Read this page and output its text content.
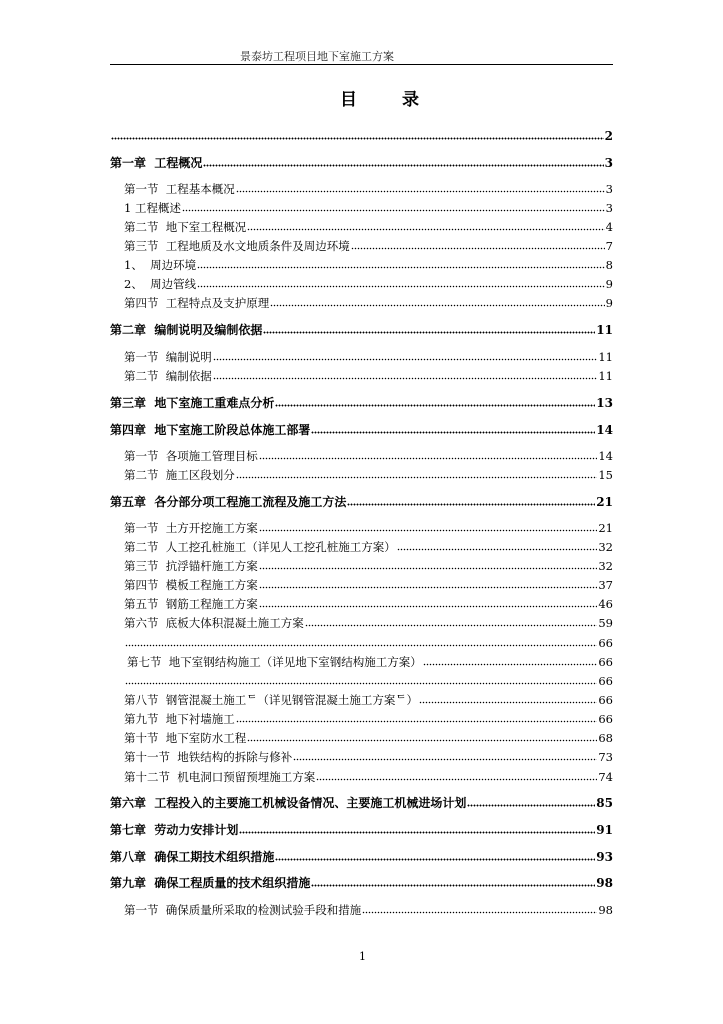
景泰坊工程项目地下室施工方案
目录
2
第一章  工程概况	3
第一节  工程基本概况	3
1 工程概述	3
第二节  地下室工程概况	4
第三节  工程地质及水文地质条件及周边环境	7
1、  周边环境	8
2、  周边管线	9
第四节  工程特点及支护原理	9
第二章  编制说明及编制依据	11
第一节  编制说明	11
第二节  编制依据	11
第三章  地下室施工重难点分析	13
第四章  地下室施工阶段总体施工部署	14
第一节  各项施工管理目标	14
第二节  施工区段划分	15
第五章  各分部分项工程施工流程及施工方法	21
第一节  土方开挖施工方案	21
第二节  人工挖孔桩施工（详见人工挖孔桩施工方案）	32
第三节  抗浮锚杆施工方案	32
第四节  模板工程施工方案	37
第五节  钢筋工程施工方案	46
第六节  底板大体积混凝土施工方案	59
66
第七节  地下室钢结构施工（详见地下室钢结构施工方案）	66
66
第八节  钢管混凝土施工ᄃ（详见钢管混凝土施工方案ᄃ）	66
第九节  地下衬墙施工	66
第十节  地下室防水工程	68
第十一节  地铁结构的拆除与修补	73
第十二节  机电洞口预留预埋施工方案	74
第六章  工程投入的主要施工机械设备情况、主要施工机械进场计划	85
第七章  劳动力安排计划	91
第八章  确保工期技术组织措施	93
第九章  确保工程质量的技术组织措施	98
第一节  确保质量所采取的检测试验手段和措施	98
1
